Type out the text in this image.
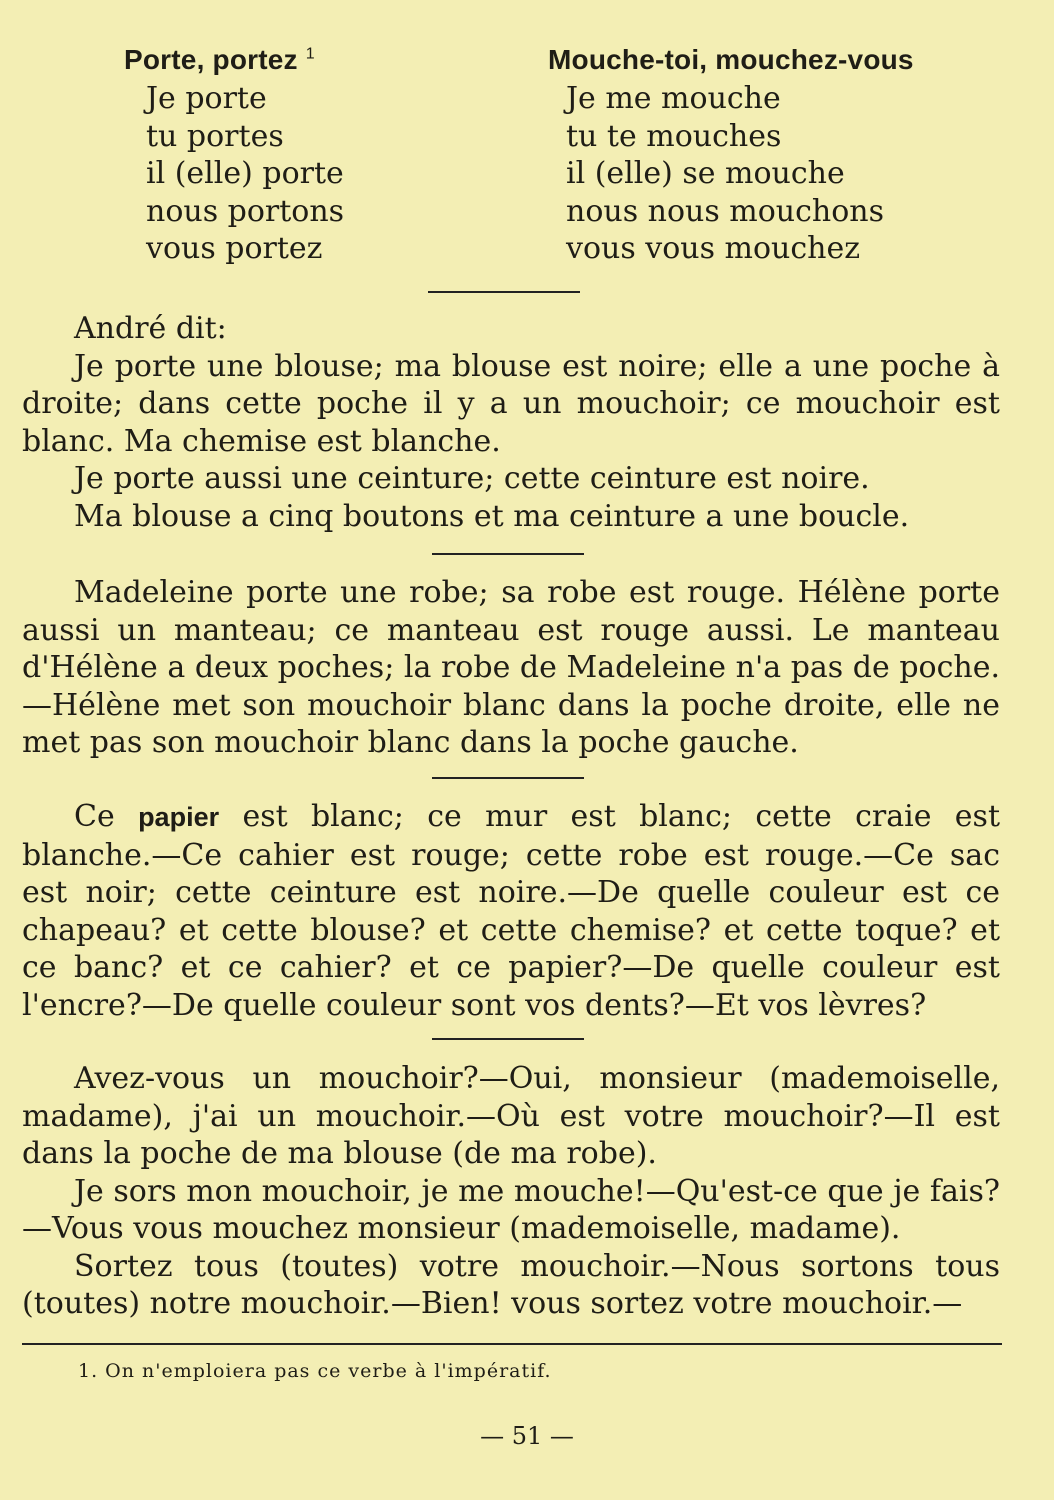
Porte, portez $^1$	Mouche-toi, mouchez-vous
Je porte
tu portes
il (elle) porte
nous portons
vous portez
Je me mouche
tu te mouches
il (elle) se mouche
nous nous mouchons
vous vous mouchez
André dit:
Je porte une blouse; ma blouse est noire; elle a une poche à droite; dans cette poche il y a un mouchoir; ce mouchoir est blanc. Ma chemise est blanche.
Je porte aussi une ceinture; cette ceinture est noire.
Ma blouse a cinq boutons et ma ceinture a une boucle.
Madeleine porte une robe; sa robe est rouge. Hélène porte aussi un manteau; ce manteau est rouge aussi. Le manteau d'Hélène a deux poches; la robe de Madeleine n'a pas de poche.—Hélène met son mouchoir blanc dans la poche droite, elle ne met pas son mouchoir blanc dans la poche gauche.
Ce papier est blanc; ce mur est blanc; cette craie est blanche.—Ce cahier est rouge; cette robe est rouge.—Ce sac est noir; cette ceinture est noire.—De quelle couleur est ce chapeau? et cette blouse? et cette chemise? et cette toque? et ce banc? et ce cahier? et ce papier?—De quelle couleur est l'encre?—De quelle couleur sont vos dents?—Et vos lèvres?
Avez-vous un mouchoir?—Oui, monsieur (mademoiselle, madame), j'ai un mouchoir.—Où est votre mouchoir?—Il est dans la poche de ma blouse (de ma robe).
Je sors mon mouchoir, je me mouche!—Qu'est-ce que je fais?—Vous vous mouchez monsieur (mademoiselle, madame).
Sortez tous (toutes) votre mouchoir.—Nous sortons tous (toutes) notre mouchoir.—Bien! vous sortez votre mouchoir.—
1. On n'emploiera pas ce verbe à l'impératif.
— 51 —
